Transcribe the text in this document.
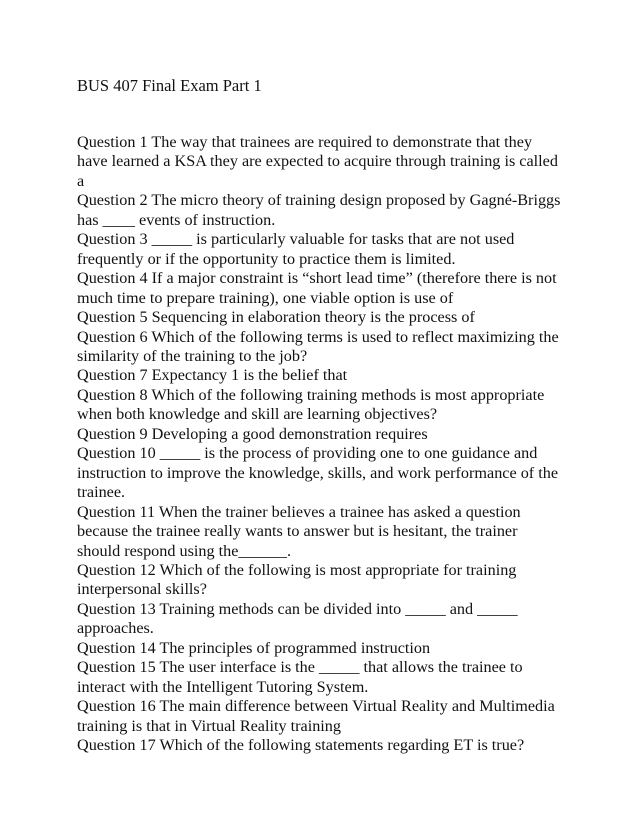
BUS 407 Final Exam Part 1

Question 1 The way that trainees are required to demonstrate that they have learned a KSA they are expected to acquire through training is called a

Question 2 The micro theory of training design proposed by Gagné-Briggs has ____ events of instruction.

Question 3 _____ is particularly valuable for tasks that are not used frequently or if the opportunity to practice them is limited.

Question 4 If a major constraint is “short lead time” (therefore there is not much time to prepare training), one viable option is use of

Question 5 Sequencing in elaboration theory is the process of

Question 6 Which of the following terms is used to reflect maximizing the similarity of the training to the job?

Question 7 Expectancy 1 is the belief that

Question 8 Which of the following training methods is most appropriate when both knowledge and skill are learning objectives?

Question 9 Developing a good demonstration requires

Question 10 _____ is the process of providing one to one guidance and instruction to improve the knowledge, skills, and work performance of the trainee.

Question 11 When the trainer believes a trainee has asked a question because the trainee really wants to answer but is hesitant, the trainer should respond using the______.

Question 12 Which of the following is most appropriate for training interpersonal skills?

Question 13 Training methods can be divided into _____ and _____ approaches.

Question 14 The principles of programmed instruction

Question 15 The user interface is the _____ that allows the trainee to interact with the Intelligent Tutoring System.

Question 16 The main difference between Virtual Reality and Multimedia training is that in Virtual Reality training

Question 17 Which of the following statements regarding ET is true?
